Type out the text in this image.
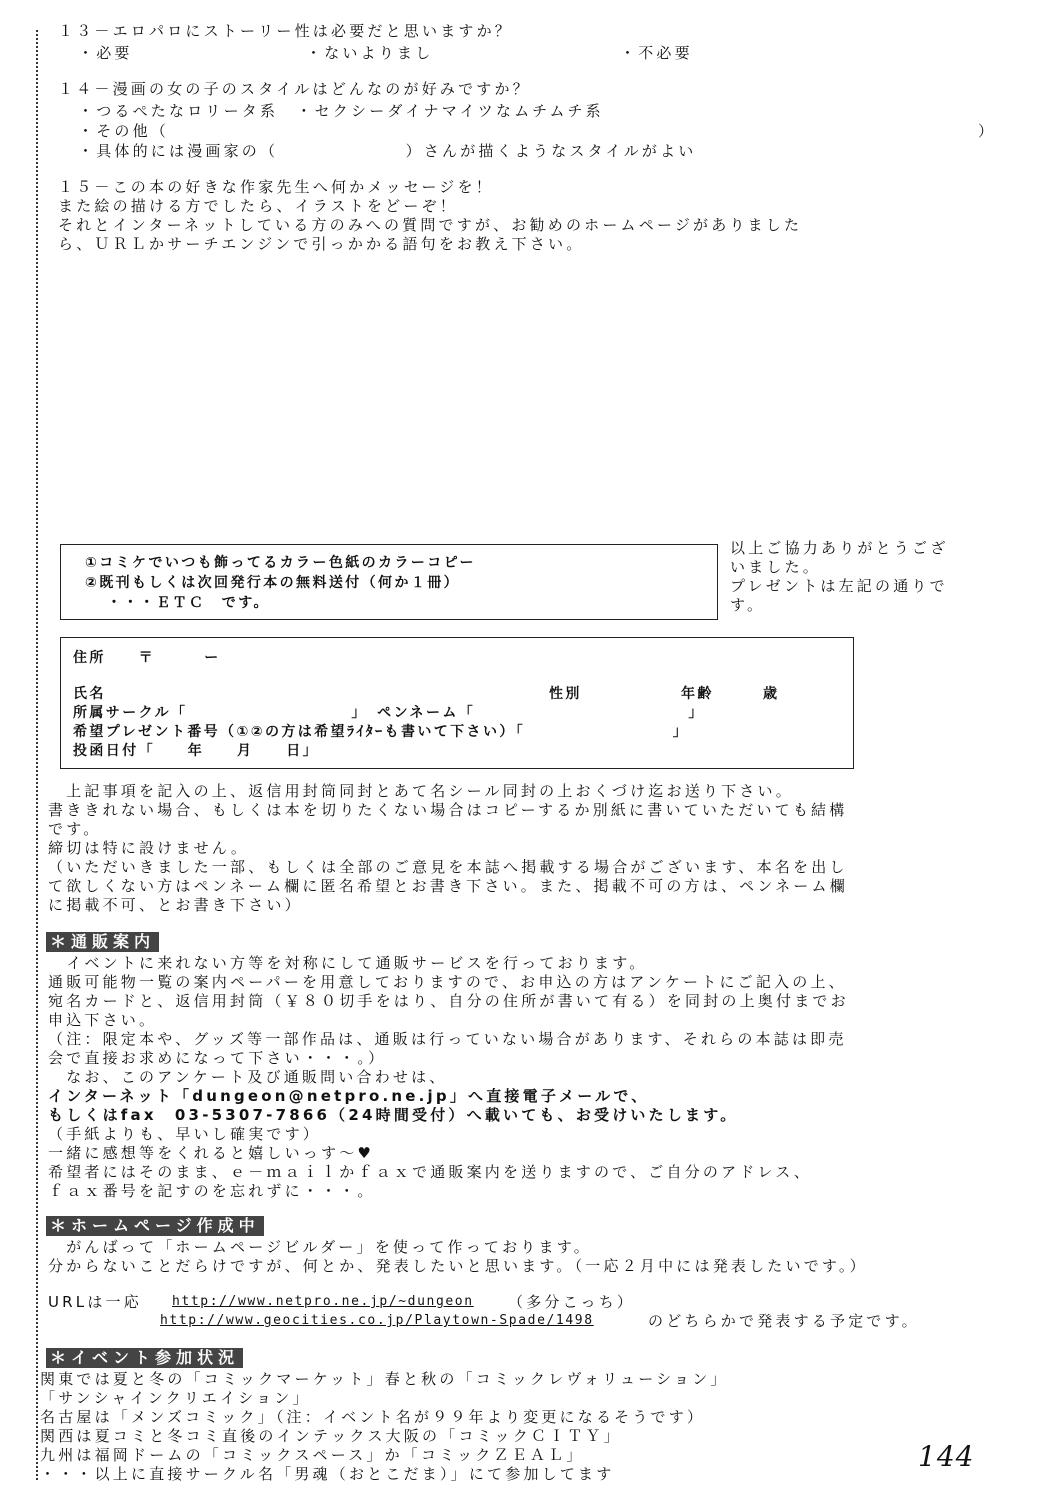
１３－エロパロにストーリー性は必要だと思いますか？
・必要	・ないよりまし	・不必要
１４－漫画の女の子のスタイルはどんなのが好みですか？
・つるぺたなロリータ系　・セクシーダイナマイツなムチムチ系
・その他（	）
・具体的には漫画家の（　　　　　　　）さんが描くようなスタイルがよい
１５－この本の好きな作家先生へ何かメッセージを！
また絵の描ける方でしたら、イラストをどーぞ！
それとインターネットしている方のみへの質問ですが、お勧めのホームページがありました
ら、ＵＲＬかサーチエンジンで引っかかる語句をお教え下さい。
①コミケでいつも飾ってるカラー色紙のカラーコピー
②既刊もしくは次回発行本の無料送付（何か１冊）
・・・ＥＴＣ　です。
以上ご協力ありがとうござ
いました。
プレゼントは左記の通りで
す。
住所　　〒　　　ー
氏名	性別	年齢　　　歳
所属サークル「　　　　　　　　　　」　ペンネーム「　　　　　　　　　　　　　」
希望プレゼント番号（①②の方は希望ﾗｲﾀｰも書いて下さい）「　　　　　　　　　」
投函日付「　　年　　月　　日」
　上記事項を記入の上、返信用封筒同封とあて名シール同封の上おくづけ迄お送り下さい。
書ききれない場合、もしくは本を切りたくない場合はコピーするか別紙に書いていただいても結構
です。
締切は特に設けません。
（いただいきました一部、もしくは全部のご意見を本誌へ掲載する場合がございます、本名を出し
て欲しくない方はペンネーム欄に匿名希望とお書き下さい。また、掲載不可の方は、ペンネーム欄
に掲載不可、とお書き下さい）
＊通販案内
　イベントに来れない方等を対称にして通販サービスを行っております。
通販可能物一覧の案内ペーパーを用意しておりますので、お申込の方はアンケートにご記入の上、
宛名カードと、返信用封筒（￥８０切手をはり、自分の住所が書いて有る）を同封の上奥付までお
申込下さい。
（注：限定本や、グッズ等一部作品は、通販は行っていない場合があります、それらの本誌は即売
会で直接お求めになって下さい・・・。）
　なお、このアンケート及び通販問い合わせは、
インターネット「dungeon@netpro.ne.jp」へ直接電子メールで、
もしくはfax　03-5307-7866（24時間受付）へ載いても、お受けいたします。
（手紙よりも、早いし確実です）
一緒に感想等をくれると嬉しいっす～♥
希望者にはそのまま、ｅ－ｍａｉｌかｆａｘで通販案内を送りますので、ご自分のアドレス、
ｆａｘ番号を記すのを忘れずに・・・。
＊ホームページ作成中
　がんばって「ホームページビルダー」を使って作っております。
分からないことだらけですが、何とか、発表したいと思います。（一応２月中には発表したいです。）
URLは一応 http://www.netpro.ne.jp/~dungeon （多分こっち）
http://www.geocities.co.jp/Playtown-Spade/1498	のどちらかで発表する予定です。
＊イベント参加状況
関東では夏と冬の「コミックマーケット」春と秋の「コミックレヴォリューション」
「サンシャインクリエイション」
名古屋は「メンズコミック」（注：イベント名が９９年より変更になるそうです）
関西は夏コミと冬コミ直後のインテックス大阪の「コミックＣＩＴＹ」
九州は福岡ドームの「コミックスペース」か「コミックＺＥＡＬ」
・・・以上に直接サークル名「男魂（おとこだま）」にて参加してます
144
